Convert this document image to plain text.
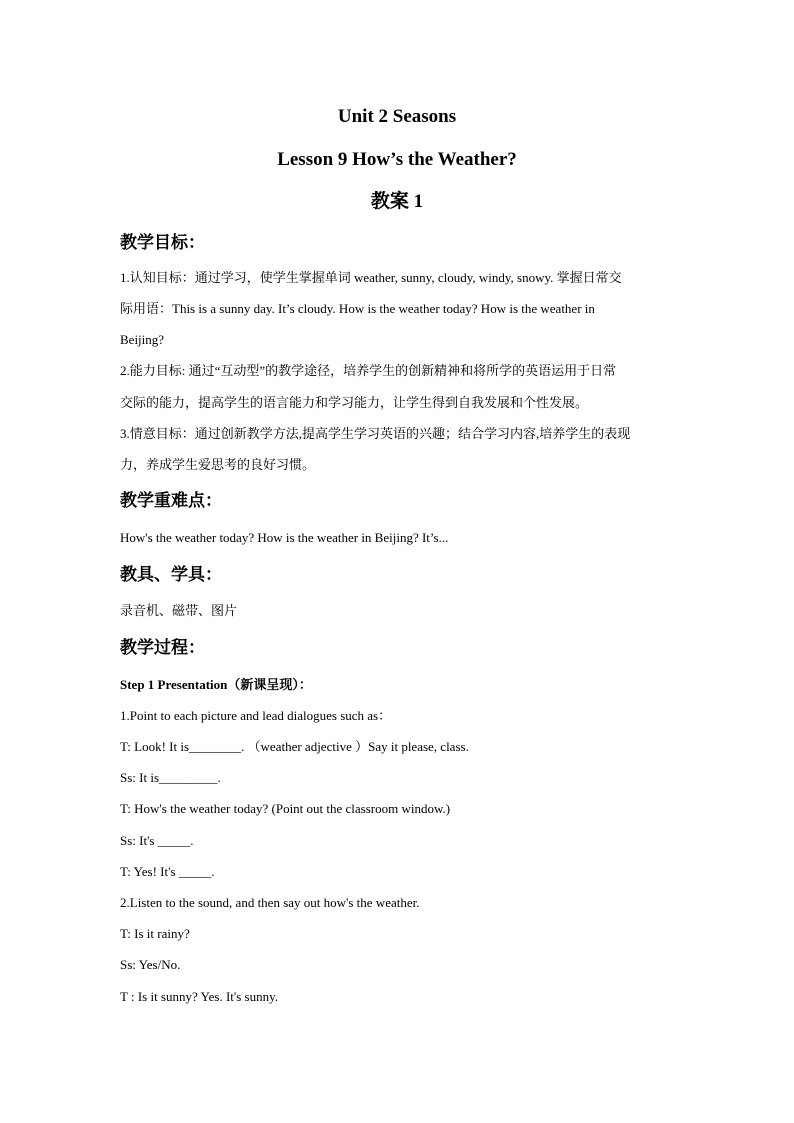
Unit 2 Seasons
Lesson 9 How’s the Weather?
教案 1
教学目标：
1.认知目标：通过学习，使学生掌握单词 weather, sunny, cloudy, windy, snowy. 掌握日常交
际用语：This is a sunny day. It’s cloudy. How is the weather today? How is the weather in
Beijing?
2.能力目标: 通过“互动型”的教学途径，培养学生的创新精神和将所学的英语运用于日常
交际的能力，提高学生的语言能力和学习能力，让学生得到自我发展和个性发展。
3.情意目标：通过创新教学方法,提高学生学习英语的兴趣；结合学习内容,培养学生的表现
力，养成学生爱思考的良好习惯。
教学重难点：
How's the weather today? How is the weather in Beijing? It’s...
教具、学具：
录音机、磁带、图片
教学过程：
Step 1 Presentation（新课呈现）：
1.Point to each picture and lead dialogues such as：
T: Look! It is________. （weather adjective ）Say it please, class.
Ss: It is_________.
T: How's the weather today? (Point out the classroom window.)
Ss: It's _____.
T: Yes! It's _____.
2.Listen to the sound, and then say out how's the weather.
T: Is it rainy?
Ss: Yes/No.
T : Is it sunny? Yes. It's sunny.
